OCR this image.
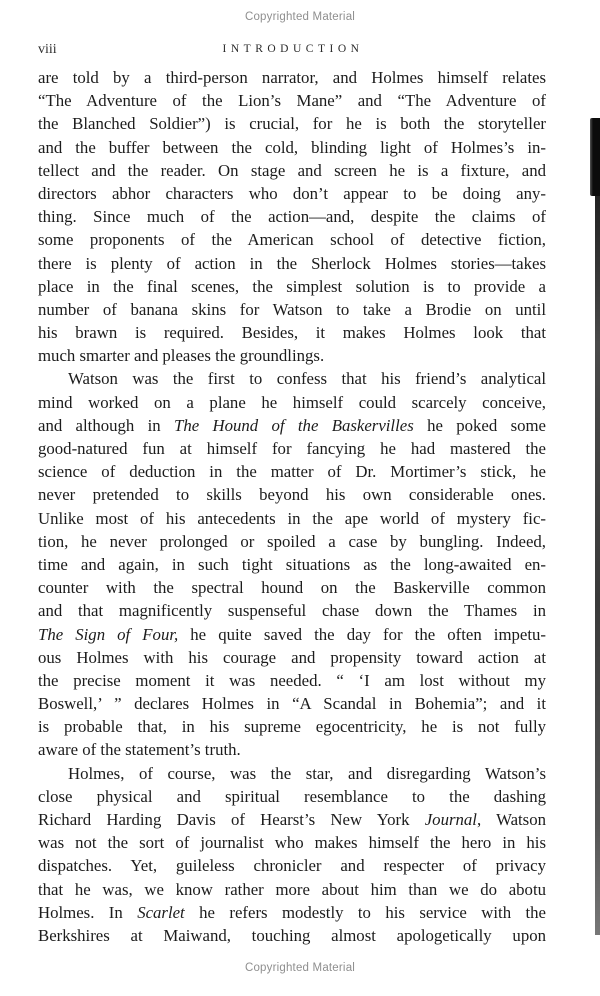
Copyrighted Material
viii	INTRODUCTION
are told by a third-person narrator, and Holmes himself relates
“The Adventure of the Lion’s Mane” and “The Adventure of
the Blanched Soldier”) is crucial, for he is both the storyteller
and the buffer between the cold, blinding light of Holmes’s in-
tellect and the reader. On stage and screen he is a fixture, and
directors abhor characters who don’t appear to be doing any-
thing. Since much of the action—and, despite the claims of
some proponents of the American school of detective fiction,
there is plenty of action in the Sherlock Holmes stories—takes
place in the final scenes, the simplest solution is to provide a
number of banana skins for Watson to take a Brodie on until
his brawn is required. Besides, it makes Holmes look that
much smarter and pleases the groundlings.
Watson was the first to confess that his friend’s analytical
mind worked on a plane he himself could scarcely conceive,
and although in The Hound of the Baskervilles he poked some
good-natured fun at himself for fancying he had mastered the
science of deduction in the matter of Dr. Mortimer’s stick, he
never pretended to skills beyond his own considerable ones.
Unlike most of his antecedents in the ape world of mystery fic-
tion, he never prolonged or spoiled a case by bungling. Indeed,
time and again, in such tight situations as the long-awaited en-
counter with the spectral hound on the Baskerville common
and that magnificently suspenseful chase down the Thames in
The Sign of Four, he quite saved the day for the often impetu-
ous Holmes with his courage and propensity toward action at
the precise moment it was needed. “ ‘I am lost without my
Boswell,’ ” declares Holmes in “A Scandal in Bohemia”; and it
is probable that, in his supreme egocentricity, he is not fully
aware of the statement’s truth.
Holmes, of course, was the star, and disregarding Watson’s
close physical and spiritual resemblance to the dashing
Richard Harding Davis of Hearst’s New York Journal, Watson
was not the sort of journalist who makes himself the hero in his
dispatches. Yet, guileless chronicler and respecter of privacy
that he was, we know rather more about him than we do abotu
Holmes. In Scarlet he refers modestly to his service with the
Berkshires at Maiwand, touching almost apologetically upon
Copyrighted Material
